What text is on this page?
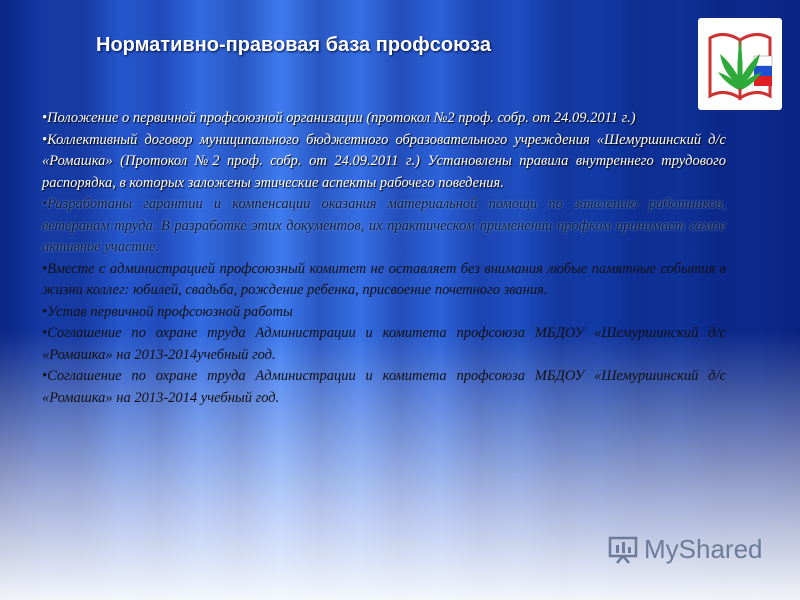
Нормативно-правовая база профсоюза

•Положение о первичной профсоюзной организации (протокол №2 проф. собр. от 24.09.2011 г.)

•Коллективный договор муниципального бюджетного образовательного учреждения «Шемуршинский д/с «Ромашка» (Протокол №2 проф. собр. от 24.09.2011 г.) Установлены правила внутреннего трудового распорядка, в которых заложены этические аспекты рабочего поведения.

•Разработаны гарантии и компенсации оказания материальной помощи по заявлению работников, ветеранам труда. В разработке этих документов, их практическом применении профком принимает самое активное участие.

•Вместе с администрацией профсоюзный комитет не оставляет без внимания любые памятные события в жизни коллег: юбилей, свадьба, рождение ребенка, присвоение почетного звания.

•Устав первичной профсоюзной работы

•Соглашение по охране труда Администрации и комитета профсоюза МБДОУ «Шемуршинский д/с «Ромашка» на 2013-2014учебный год.

•Соглашение по охране труда Администрации и комитета профсоюза МБДОУ «Шемуршинский д/с «Ромашка» на 2013-2014 учебный год.

MyShared
